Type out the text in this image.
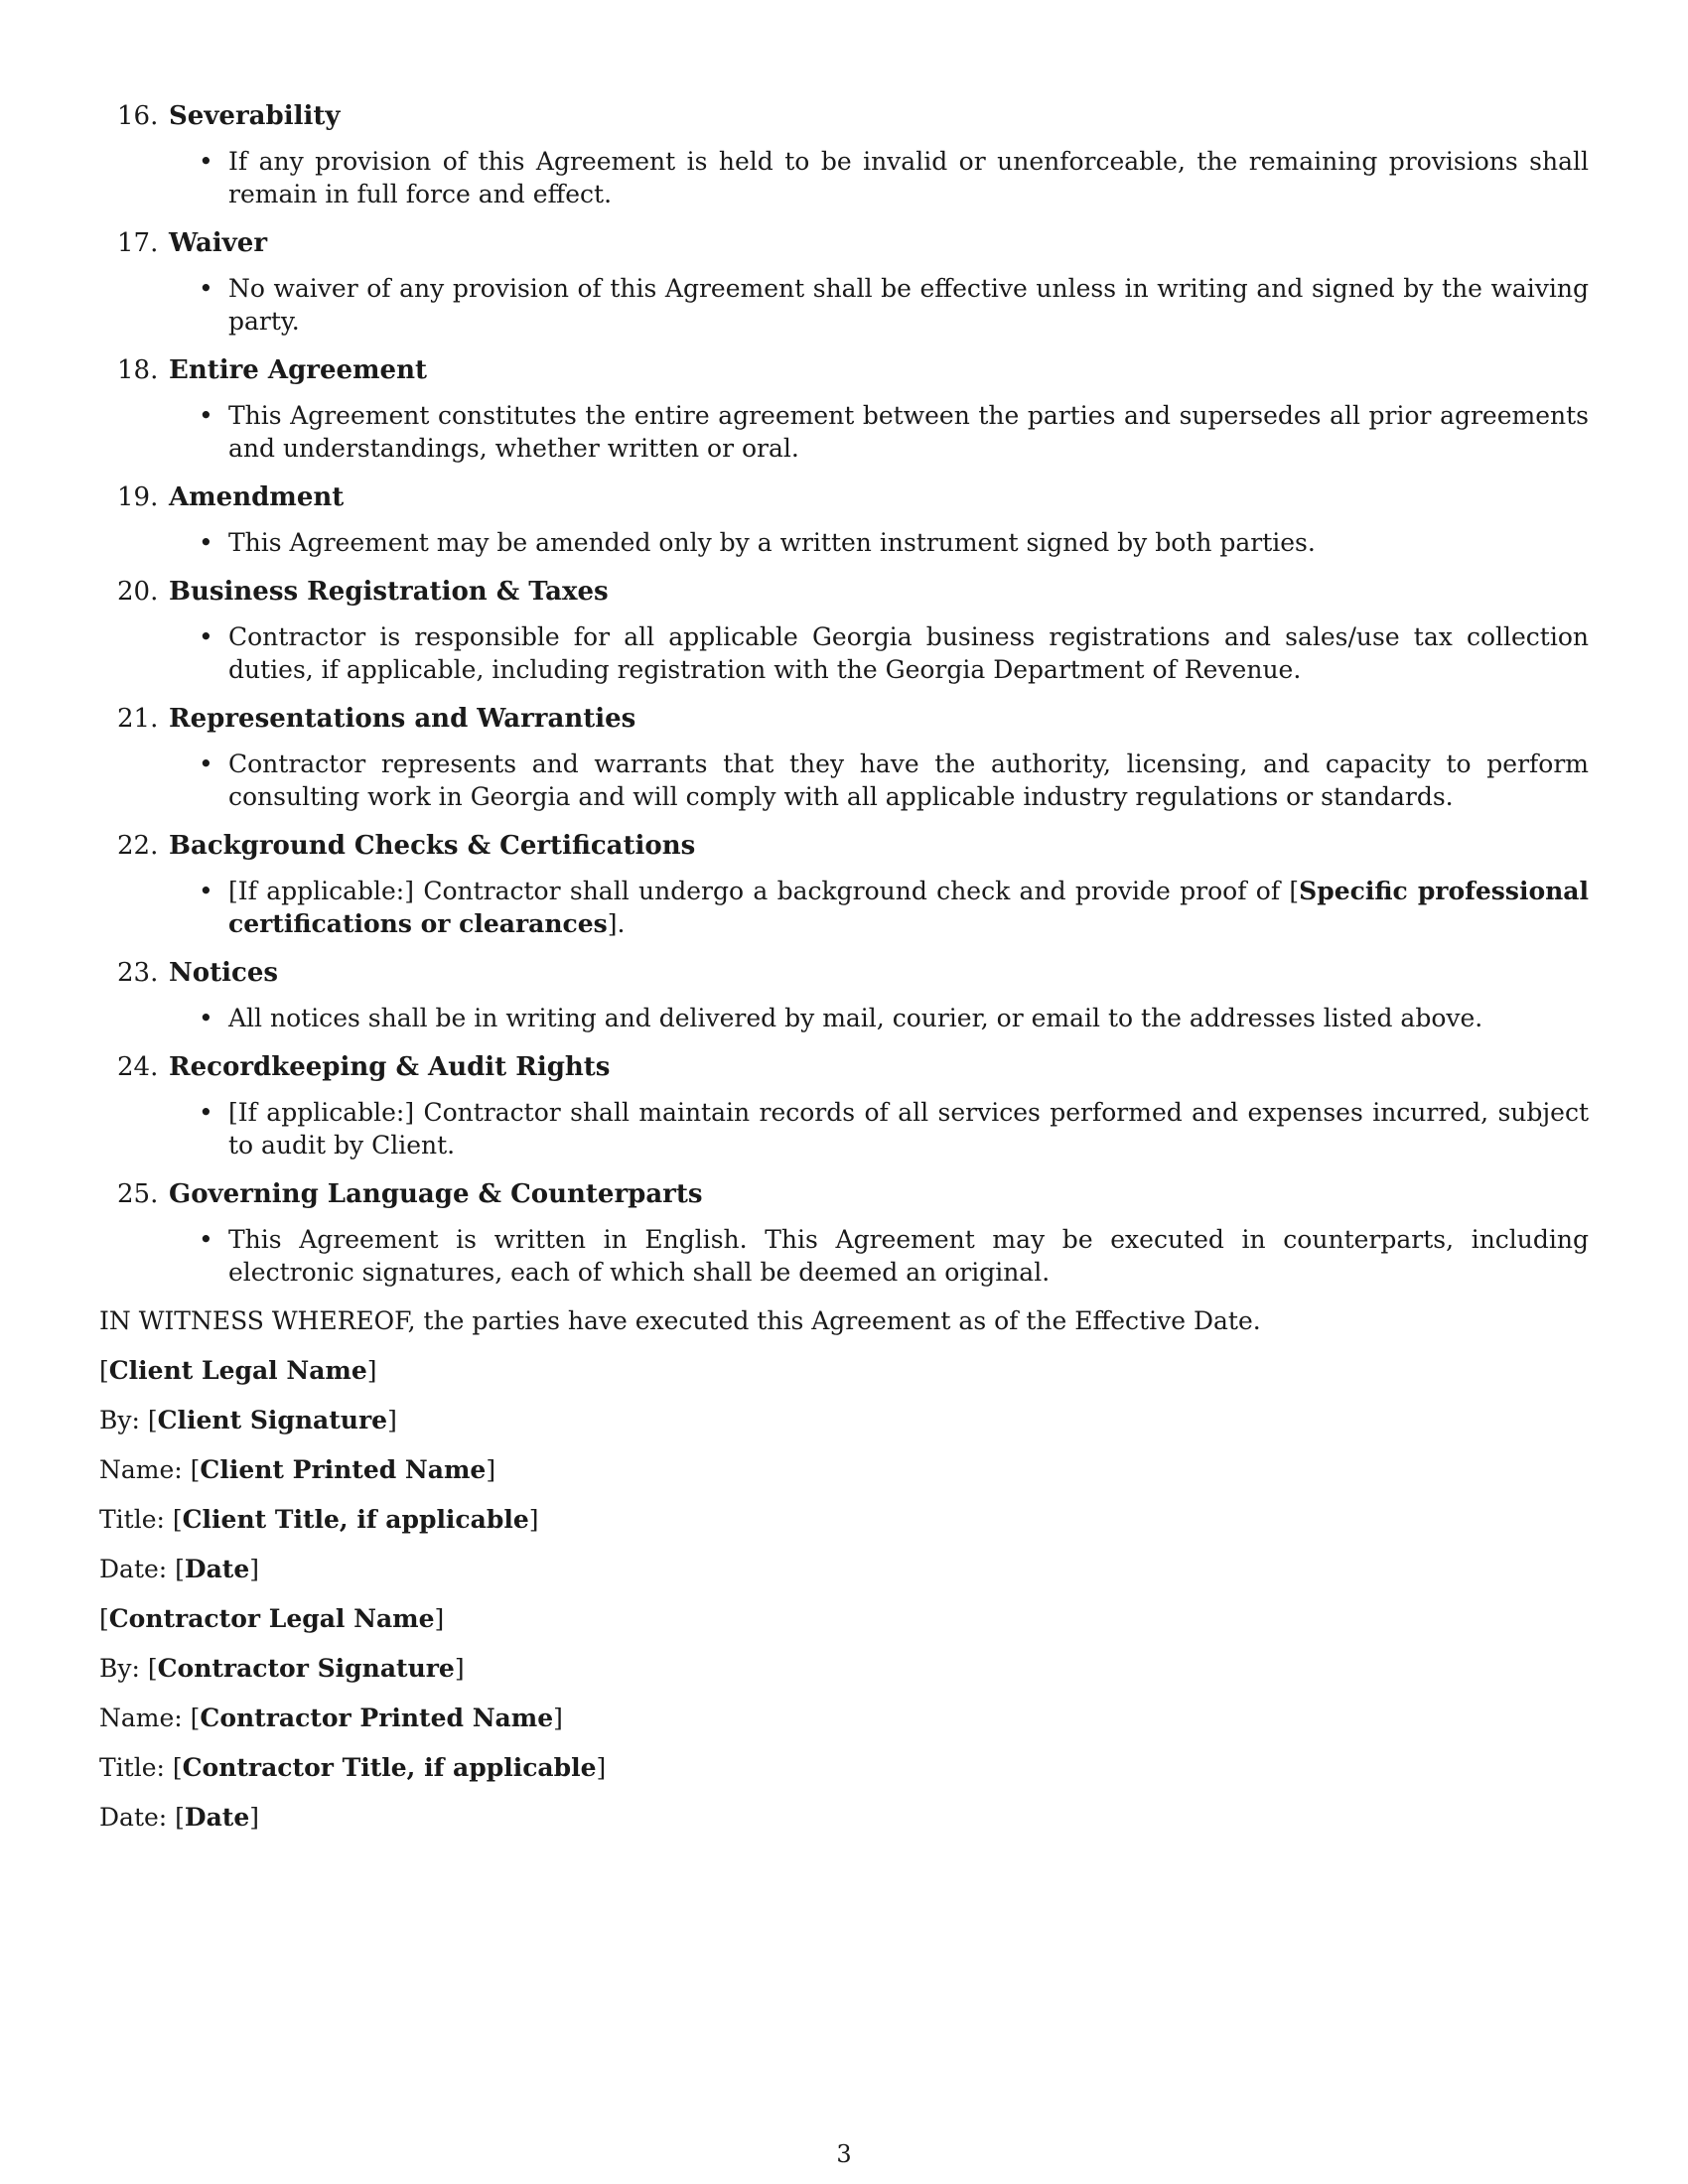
16. Severability
• If any provision of this Agreement is held to be invalid or unenforceable, the remaining provisions shall remain in full force and effect.
17. Waiver
• No waiver of any provision of this Agreement shall be effective unless in writing and signed by the waiving party.
18. Entire Agreement
• This Agreement constitutes the entire agreement between the parties and supersedes all prior agreements and understandings, whether written or oral.
19. Amendment
• This Agreement may be amended only by a written instrument signed by both parties.
20. Business Registration & Taxes
• Contractor is responsible for all applicable Georgia business registrations and sales/use tax collection duties, if applicable, including registration with the Georgia Department of Revenue.
21. Representations and Warranties
• Contractor represents and warrants that they have the authority, licensing, and capacity to perform consulting work in Georgia and will comply with all applicable industry regulations or standards.
22. Background Checks & Certifications
• [If applicable:] Contractor shall undergo a background check and provide proof of [Specific professional certifications or clearances].
23. Notices
• All notices shall be in writing and delivered by mail, courier, or email to the addresses listed above.
24. Recordkeeping & Audit Rights
• [If applicable:] Contractor shall maintain records of all services performed and expenses incurred, subject to audit by Client.
25. Governing Language & Counterparts
• This Agreement is written in English. This Agreement may be executed in counterparts, including electronic signatures, each of which shall be deemed an original.
IN WITNESS WHEREOF, the parties have executed this Agreement as of the Effective Date.
[Client Legal Name]
By: [Client Signature]
Name: [Client Printed Name]
Title: [Client Title, if applicable]
Date: [Date]
[Contractor Legal Name]
By: [Contractor Signature]
Name: [Contractor Printed Name]
Title: [Contractor Title, if applicable]
Date: [Date]
3
